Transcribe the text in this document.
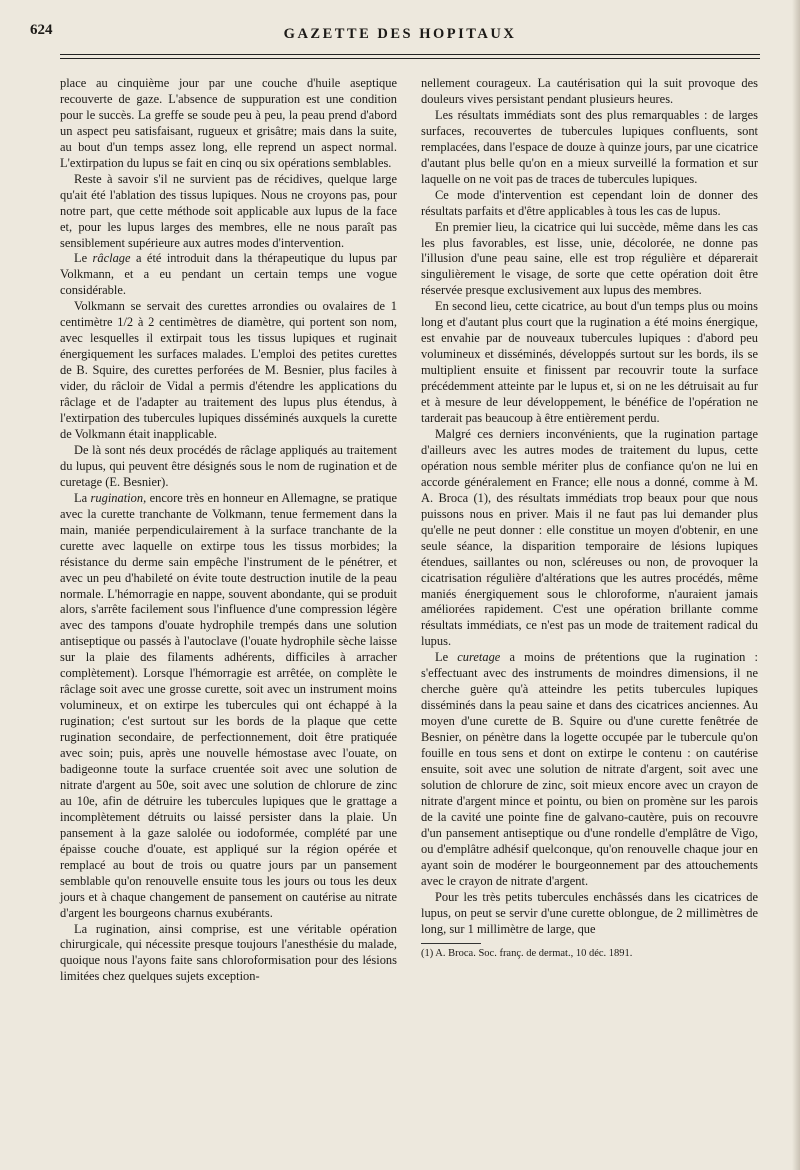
624	GAZETTE DES HOPITAUX

place au cinquième jour par une couche d'huile aseptique recouverte de gaze. L'absence de suppuration est une condition pour le succès. La greffe se soude peu à peu, la peau prend d'abord un aspect peu satisfaisant, rugueux et grisâtre; mais dans la suite, au bout d'un temps assez long, elle reprend un aspect normal. L'extirpation du lupus se fait en cinq ou six opérations semblables.

Reste à savoir s'il ne survient pas de récidives, quelque large qu'ait été l'ablation des tissus lupiques. Nous ne croyons pas, pour notre part, que cette méthode soit applicable aux lupus de la face et, pour les lupus larges des membres, elle ne nous paraît pas sensiblement supérieure aux autres modes d'intervention.

Le râclage a été introduit dans la thérapeutique du lupus par Volkmann, et a eu pendant un certain temps une vogue considérable.

Volkmann se servait des curettes arrondies ou ovalaires de 1 centimètre 1/2 à 2 centimètres de diamètre, qui portent son nom, avec lesquelles il extirpait tous les tissus lupiques et ruginait énergiquement les surfaces malades. L'emploi des petites curettes de B. Squire, des curettes perforées de M. Besnier, plus faciles à vider, du râcloir de Vidal a permis d'étendre les applications du râclage et de l'adapter au traitement des lupus plus étendus, à l'extirpation des tubercules lupiques disséminés auxquels la curette de Volkmann était inapplicable.

De là sont nés deux procédés de râclage appliqués au traitement du lupus, qui peuvent être désignés sous le nom de rugination et de curetage (E. Besnier).

La rugination, encore très en honneur en Allemagne, se pratique avec la curette tranchante de Volkmann, tenue fermement dans la main, maniée perpendiculairement à la surface tranchante de la curette avec laquelle on extirpe tous les tissus morbides; la résistance du derme sain empêche l'instrument de le pénétrer, et avec un peu d'habileté on évite toute destruction inutile de la peau normale. L'hémorragie en nappe, souvent abondante, qui se produit alors, s'arrête facilement sous l'influence d'une compression légère avec des tampons d'ouate hydrophile trempés dans une solution antiseptique ou passés à l'autoclave (l'ouate hydrophile sèche laisse sur la plaie des filaments adhérents, difficiles à arracher complètement). Lorsque l'hémorragie est arrêtée, on complète le râclage soit avec une grosse curette, soit avec un instrument moins volumineux, et on extirpe les tubercules qui ont échappé à la rugination; c'est surtout sur les bords de la plaque que cette rugination secondaire, de perfectionnement, doit être pratiquée avec soin; puis, après une nouvelle hémostase avec l'ouate, on badigeonne toute la surface cruentée soit avec une solution de nitrate d'argent au 50e, soit avec une solution de chlorure de zinc au 10e, afin de détruire les tubercules lupiques que le grattage a incomplètement détruits ou laissé persister dans la plaie. Un pansement à la gaze salolée ou iodoformée, complété par une épaisse couche d'ouate, est appliqué sur la région opérée et remplacé au bout de trois ou quatre jours par un pansement semblable qu'on renouvelle ensuite tous les jours ou tous les deux jours et à chaque changement de pansement on cautérise au nitrate d'argent les bourgeons charnus exubérants.

La rugination, ainsi comprise, est une véritable opération chirurgicale, qui nécessite presque toujours l'anesthésie du malade, quoique nous l'ayons faite sans chloroformisation pour des lésions limitées chez quelques sujets exception-

nellement courageux. La cautérisation qui la suit provoque des douleurs vives persistant pendant plusieurs heures.

Les résultats immédiats sont des plus remarquables : de larges surfaces, recouvertes de tubercules lupiques confluents, sont remplacées, dans l'espace de douze à quinze jours, par une cicatrice d'autant plus belle qu'on en a mieux surveillé la formation et sur laquelle on ne voit pas de traces de tubercules lupiques.

Ce mode d'intervention est cependant loin de donner des résultats parfaits et d'être applicables à tous les cas de lupus.

En premier lieu, la cicatrice qui lui succède, même dans les cas les plus favorables, est lisse, unie, décolorée, ne donne pas l'illusion d'une peau saine, elle est trop régulière et déparerait singulièrement le visage, de sorte que cette opération doit être réservée presque exclusivement aux lupus des membres.

En second lieu, cette cicatrice, au bout d'un temps plus ou moins long et d'autant plus court que la rugination a été moins énergique, est envahie par de nouveaux tubercules lupiques : d'abord peu volumineux et disséminés, développés surtout sur les bords, ils se multiplient ensuite et finissent par recouvrir toute la surface précédemment atteinte par le lupus et, si on ne les détruisait au fur et à mesure de leur développement, le bénéfice de l'opération ne tarderait pas beaucoup à être entièrement perdu.

Malgré ces derniers inconvénients, que la rugination partage d'ailleurs avec les autres modes de traitement du lupus, cette opération nous semble mériter plus de confiance qu'on ne lui en accorde généralement en France; elle nous a donné, comme à M. A. Broca (1), des résultats immédiats trop beaux pour que nous puissons nous en priver. Mais il ne faut pas lui demander plus qu'elle ne peut donner : elle constitue un moyen d'obtenir, en une seule séance, la disparition temporaire de lésions lupiques étendues, saillantes ou non, scléreuses ou non, de provoquer la cicatrisation régulière d'altérations que les autres procédés, même maniés énergiquement sous le chloroforme, n'auraient jamais améliorées rapidement. C'est une opération brillante comme résultats immédiats, ce n'est pas un mode de traitement radical du lupus.

Le curetage a moins de prétentions que la rugination : s'effectuant avec des instruments de moindres dimensions, il ne cherche guère qu'à atteindre les petits tubercules lupiques disséminés dans la peau saine et dans des cicatrices anciennes. Au moyen d'une curette de B. Squire ou d'une curette fenêtrée de Besnier, on pénètre dans la logette occupée par le tubercule qu'on fouille en tous sens et dont on extirpe le contenu : on cautérise ensuite, soit avec une solution de nitrate d'argent, soit avec une solution de chlorure de zinc, soit mieux encore avec un crayon de nitrate d'argent mince et pointu, ou bien on promène sur les parois de la cavité une pointe fine de galvano-cautère, puis on recouvre d'un pansement antiseptique ou d'une rondelle d'emplâtre de Vigo, ou d'emplâtre adhésif quelconque, qu'on renouvelle chaque jour en ayant soin de modérer le bourgeonnement par des attouchements avec le crayon de nitrate d'argent.

Pour les très petits tubercules enchâssés dans les cicatrices de lupus, on peut se servir d'une curette oblongue, de 2 millimètres de long, sur 1 millimètre de large, que

(1) A. Broca. Soc. franç. de dermat., 10 déc. 1891.
